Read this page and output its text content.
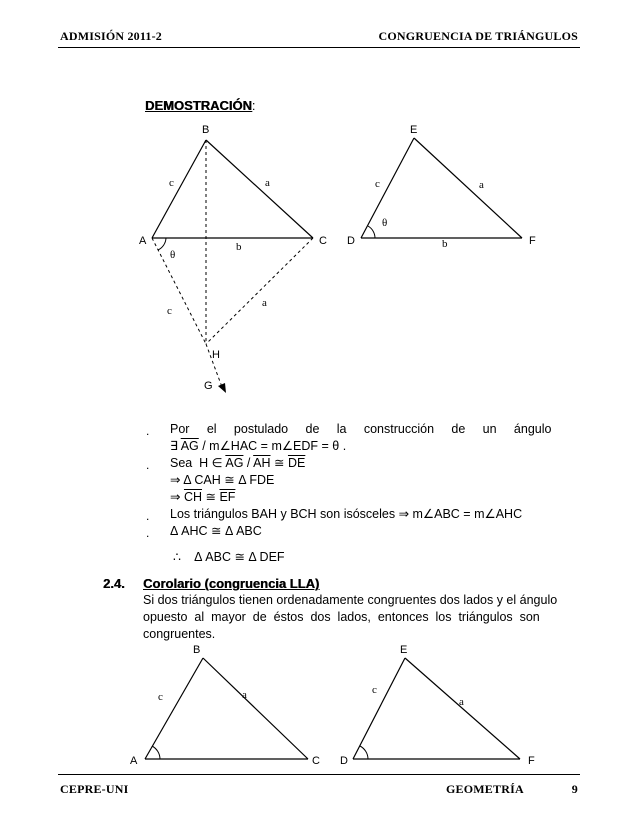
ADMISIÓN 2011-2	CONGRUENCIA DE TRIÁNGULOS
DEMOSTRACIÓN:
B
A	C
H
G
c	a
b
θ
c
a
E
D	F
c	a
b
θ
. Por     el     postulado     de     la     construcción     de     un     ángulo
∃ $\overline{AG}$ / m∠HAC = m∠EDF = θ .
. Sea  H ∈ $\overline{AG} / \overline{AH}$ ≅ $\overline{DE}$
⇒ Δ CAH ≅ Δ FDE
⇒ $\overline{CH}$ ≅ $\overline{EF}$
. Los triángulos BAH y BCH son isósceles ⇒ m∠ABC = m∠AHC
. Δ AHC ≅ Δ ABC
∴    Δ ABC ≅ Δ DEF
2.4. Corolario (congruencia LLA)
Si dos triángulos tienen ordenadamente congruentes dos lados y el ángulo
opuesto  al  mayor  de  éstos  dos  lados,  entonces  los  triángulos  son
congruentes.
B
A	C
c	a
E
D	F
c
a
CEPRE-UNI	GEOMETRÍA	9
